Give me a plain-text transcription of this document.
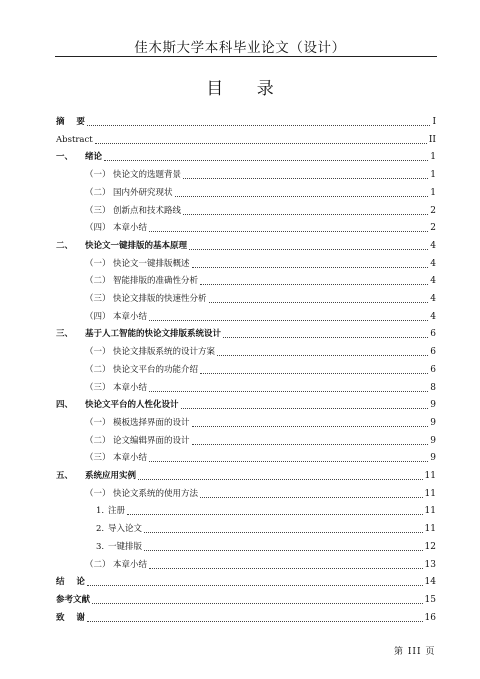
佳木斯大学本科毕业论文（设计）
目 录
摘    要	I
Abstract	II
一、	绪论	1
（一） 快论文的选题背景	1
（二） 国内外研究现状	1
（三） 创新点和技术路线	2
（四） 本章小结	2
二、	快论文一键排版的基本原理	4
（一） 快论文一键排版概述	4
（二） 智能排版的准确性分析	4
（三） 快论文排版的快速性分析	4
（四） 本章小结	4
三、	基于人工智能的快论文排版系统设计	6
（一） 快论文排版系统的设计方案	6
（二） 快论文平台的功能介绍	6
（三） 本章小结	8
四、	快论文平台的人性化设计	9
（一） 模板选择界面的设计	9
（二） 论文编辑界面的设计	9
（三） 本章小结	9
五、	系统应用实例	11
（一） 快论文系统的使用方法	11
1. 注册	11
2. 导入论文	11
3. 一键排版	12
（二） 本章小结	13
结    论	14
参考文献	15
致    谢	16
第 III 页
